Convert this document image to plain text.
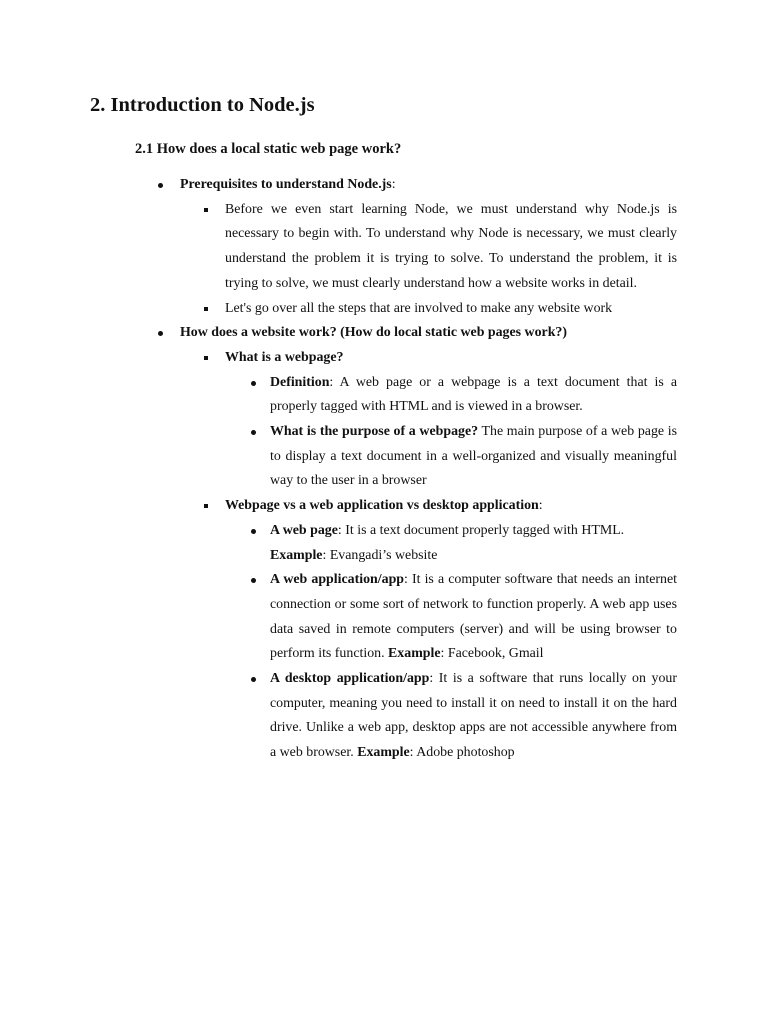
2. Introduction to Node.js
2.1 How does a local static web page work?
Prerequisites to understand Node.js:
Before we even start learning Node, we must understand why Node.js is necessary to begin with. To understand why Node is necessary, we must clearly understand the problem it is trying to solve. To understand the problem, it is trying to solve, we must clearly understand how a website works in detail.
Let's go over all the steps that are involved to make any website work
How does a website work? (How do local static web pages work?)
What is a webpage?
Definition: A web page or a webpage is a text document that is a properly tagged with HTML and is viewed in a browser.
What is the purpose of a webpage? The main purpose of a web page is to display a text document in a well-organized and visually meaningful way to the user in a browser
Webpage vs a web application vs desktop application:
A web page: It is a text document properly tagged with HTML. Example: Evangadi’s website
A web application/app: It is a computer software that needs an internet connection or some sort of network to function properly. A web app uses data saved in remote computers (server) and will be using browser to perform its function. Example: Facebook, Gmail
A desktop application/app: It is a software that runs locally on your computer, meaning you need to install it on need to install it on the hard drive. Unlike a web app, desktop apps are not accessible anywhere from a web browser. Example: Adobe photoshop
